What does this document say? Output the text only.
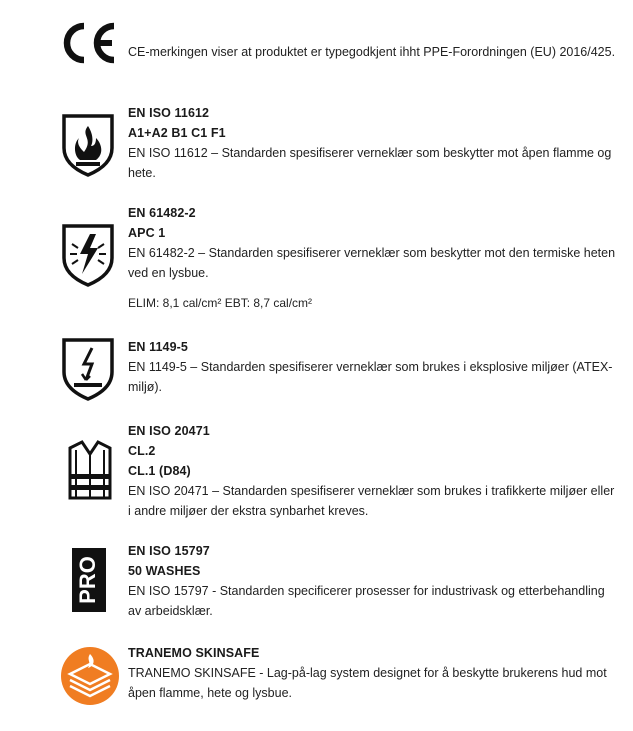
CE-merkingen viser at produktet er typegodkjent ihht PPE-Forordningen (EU) 2016/425.
EN ISO 11612
A1+A2 B1 C1 F1
EN ISO 11612 – Standarden spesifiserer verneklær som beskytter mot åpen flamme og hete.
EN 61482-2
APC 1
EN 61482-2 – Standarden spesifiserer verneklær som beskytter mot den termiske heten ved en lysbue.
ELIM: 8,1 cal/cm² EBT: 8,7 cal/cm²
EN 1149-5
EN 1149-5 – Standarden spesifiserer verneklær som brukes i eksplosive miljøer (ATEX-miljø).
EN ISO 20471
CL.2
CL.1 (D84)
EN ISO 20471 – Standarden spesifiserer verneklær som brukes i trafikkerte miljøer eller i andre miljøer der ekstra synbarhet kreves.
PRO
EN ISO 15797
50 WASHES
EN ISO 15797 - Standarden specificerer prosesser for industrivask og etterbehandling av arbeidsklær.
TRANEMO SKINSAFE
TRANEMO SKINSAFE - Lag-på-lag system designet for å beskytte brukerens hud mot åpen flamme, hete og lysbue.
